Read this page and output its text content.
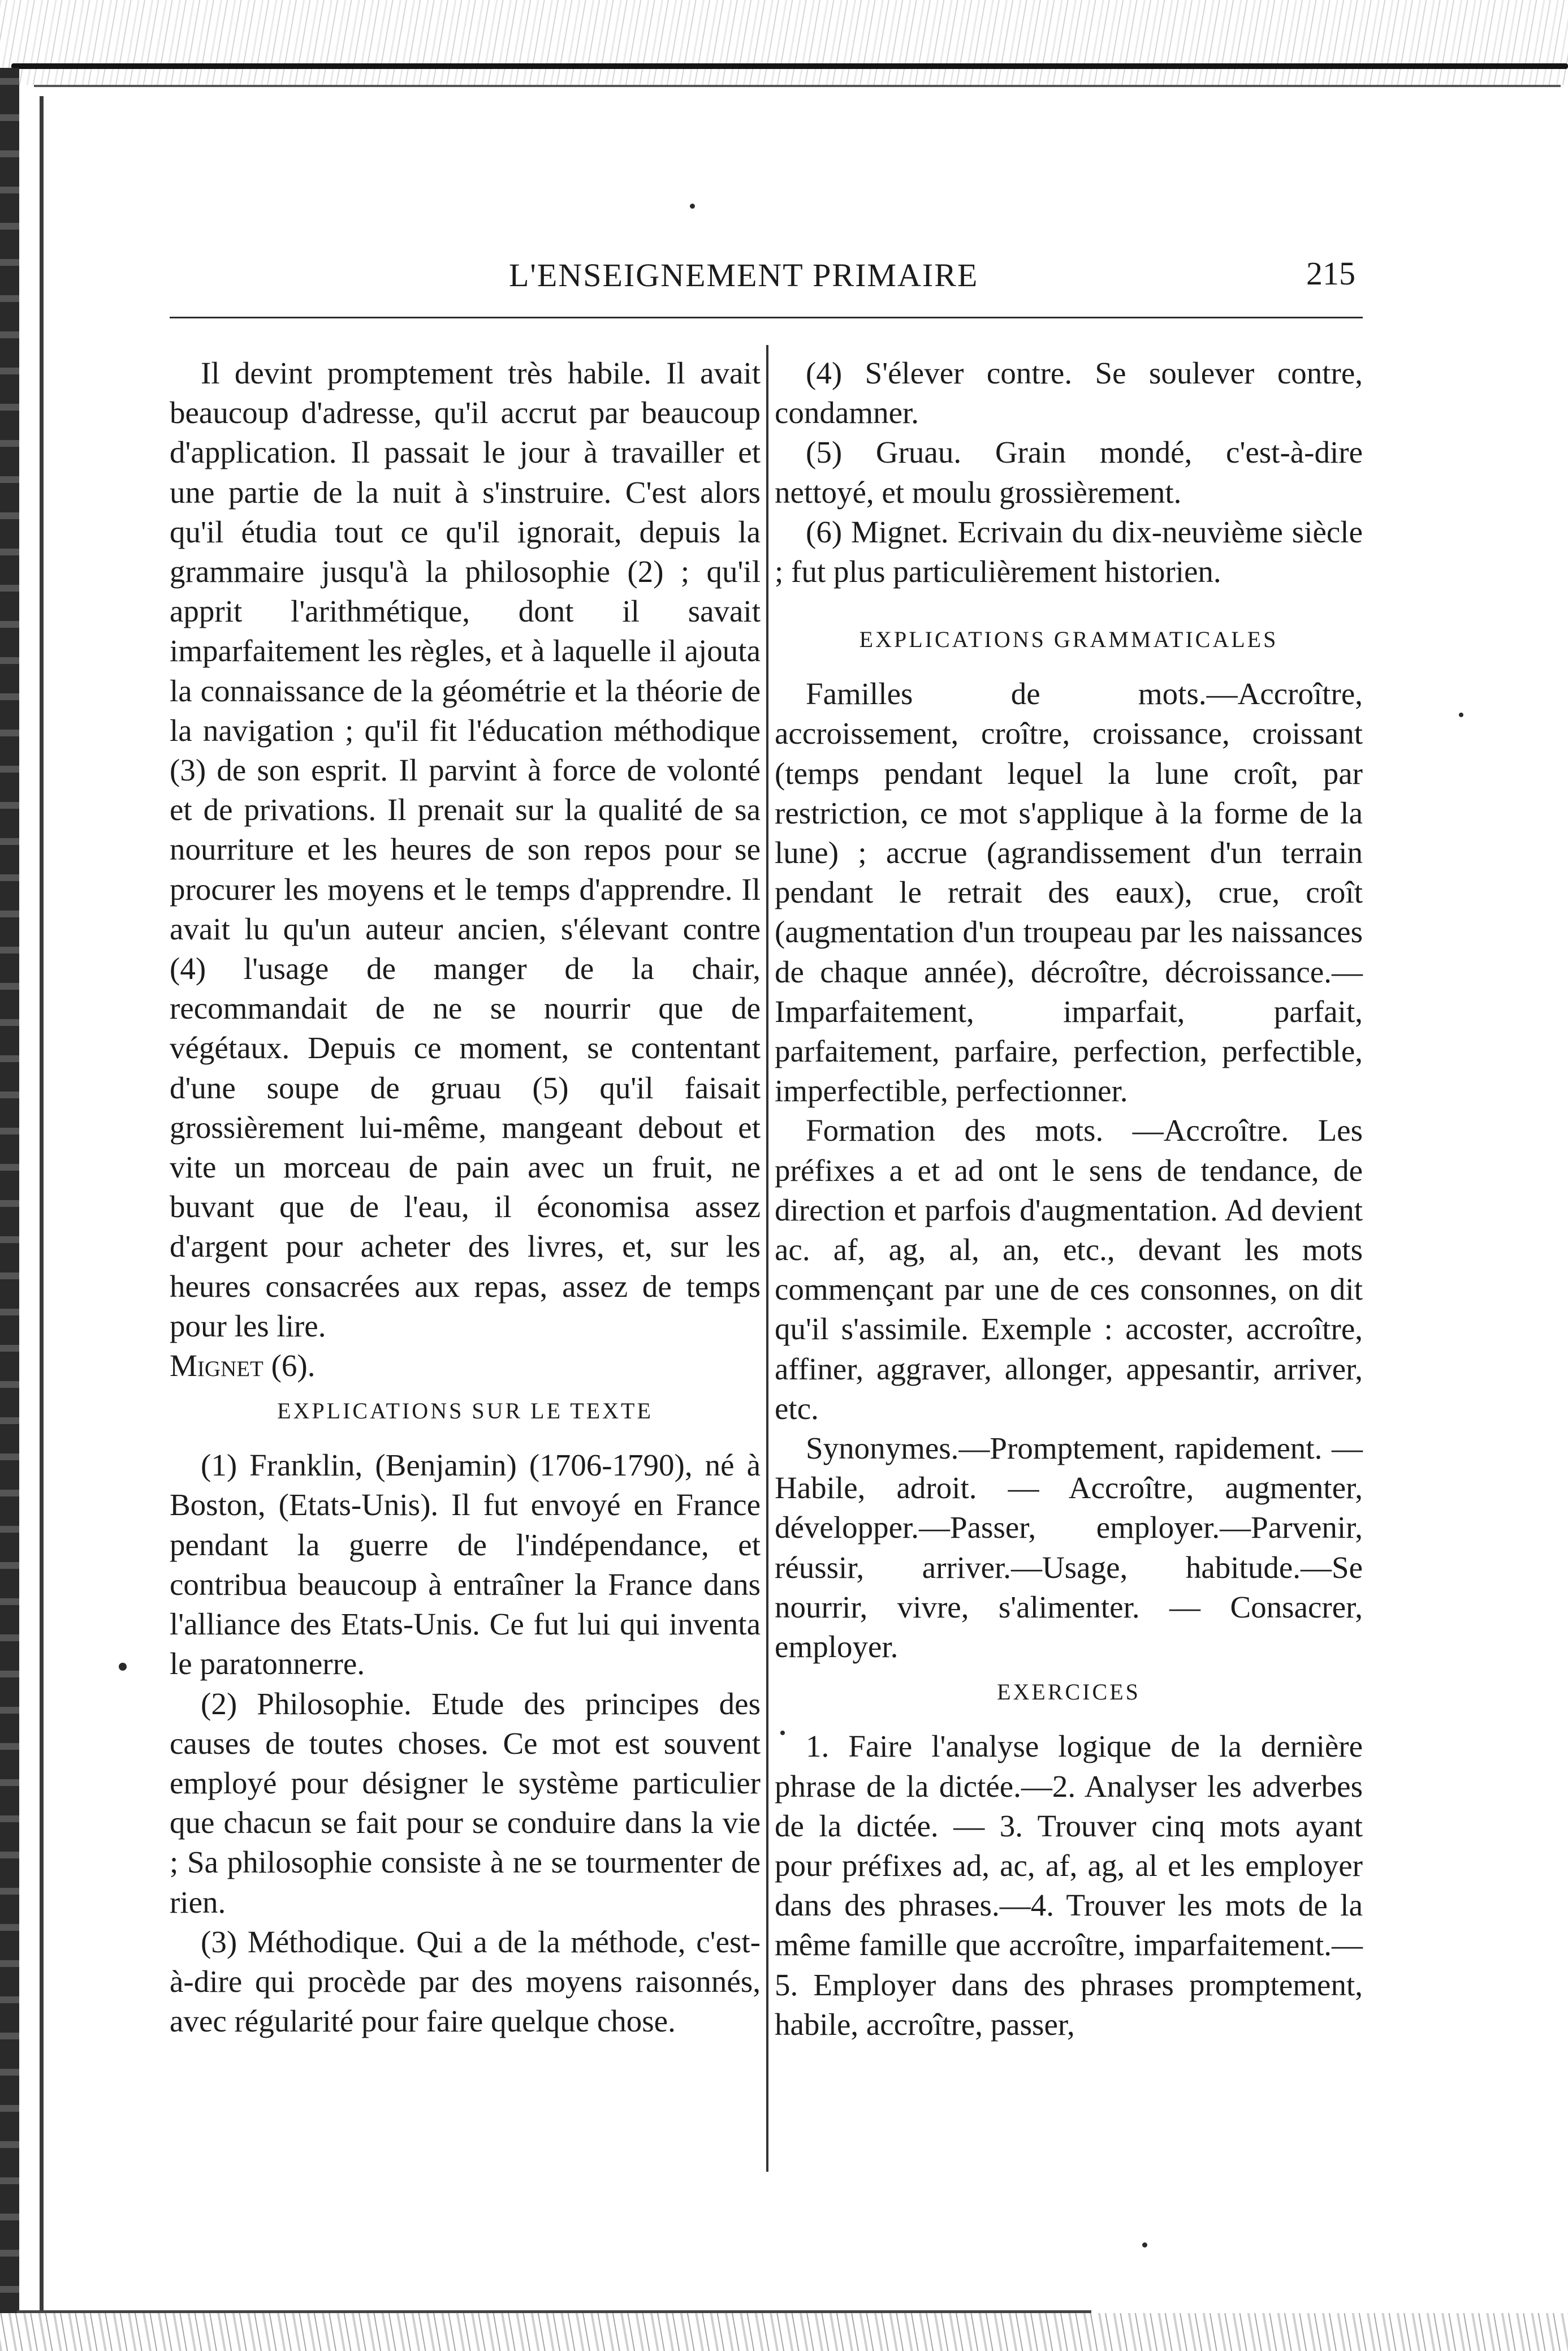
L'ENSEIGNEMENT PRIMAIRE	215

Il devint promptement très habile. Il avait beaucoup d'adresse, qu'il accrut par beaucoup d'application. Il passait le jour à travailler et une partie de la nuit à s'instruire. C'est alors qu'il étudia tout ce qu'il ignorait, depuis la grammaire jusqu'à la philosophie (2) ; qu'il apprit l'arithmétique, dont il savait imparfaitement les règles, et à laquelle il ajouta la connaissance de la géométrie et la théorie de la navigation ; qu'il fit l'éducation méthodique (3) de son esprit. Il parvint à force de volonté et de privations. Il prenait sur la qualité de sa nourriture et les heures de son repos pour se procurer les moyens et le temps d'apprendre. Il avait lu qu'un auteur ancien, s'élevant contre (4) l'usage de manger de la chair, recommandait de ne se nourrir que de végétaux. Depuis ce moment, se contentant d'une soupe de gruau (5) qu'il faisait grossièrement lui-même, mangeant debout et vite un morceau de pain avec un fruit, ne buvant que de l'eau, il économisa assez d'argent pour acheter des livres, et, sur les heures consacrées aux repas, assez de temps pour les lire.

Mignet (6).

EXPLICATIONS SUR LE TEXTE

(1) Franklin, (Benjamin) (1706-1790), né à Boston, (Etats-Unis). Il fut envoyé en France pendant la guerre de l'indépendance, et contribua beaucoup à entraîner la France dans l'alliance des Etats-Unis. Ce fut lui qui inventa le paratonnerre.

(2) Philosophie. Etude des principes des causes de toutes choses. Ce mot est souvent employé pour désigner le système particulier que chacun se fait pour se conduire dans la vie ; Sa philosophie consiste à ne se tourmenter de rien.

(3) Méthodique. Qui a de la méthode, c'est-à-dire qui procède par des moyens raisonnés, avec régularité pour faire quelque chose.

(4) S'élever contre. Se soulever contre, condamner.

(5) Gruau. Grain mondé, c'est-à-dire nettoyé, et moulu grossièrement.

(6) Mignet. Ecrivain du dix-neuvième siècle ; fut plus particulièrement historien.

EXPLICATIONS GRAMMATICALES

Familles de mots.—Accroître, accroissement, croître, croissance, croissant (temps pendant lequel la lune croît, par restriction, ce mot s'applique à la forme de la lune) ; accrue (agrandissement d'un terrain pendant le retrait des eaux), crue, croît (augmentation d'un troupeau par les naissances de chaque année), décroître, décroissance.—Imparfaitement, imparfait, parfait, parfaitement, parfaire, perfection, perfectible, imperfectible, perfectionner.

Formation des mots. —Accroître. Les préfixes a et ad ont le sens de tendance, de direction et parfois d'augmentation. Ad devient ac. af, ag, al, an, etc., devant les mots commençant par une de ces consonnes, on dit qu'il s'assimile. Exemple : accoster, accroître, affiner, aggraver, allonger, appesantir, arriver, etc.

Synonymes.—Promptement, rapidement. —Habile, adroit. — Accroître, augmenter, développer.—Passer, employer.—Parvenir, réussir, arriver.—Usage, habitude.—Se nourrir, vivre, s'alimenter. — Consacrer, employer.

EXERCICES

1. Faire l'analyse logique de la dernière phrase de la dictée.—2. Analyser les adverbes de la dictée. — 3. Trouver cinq mots ayant pour préfixes ad, ac, af, ag, al et les employer dans des phrases.—4. Trouver les mots de la même famille que accroître, imparfaitement.—5. Employer dans des phrases promptement, habile, accroître, passer,
